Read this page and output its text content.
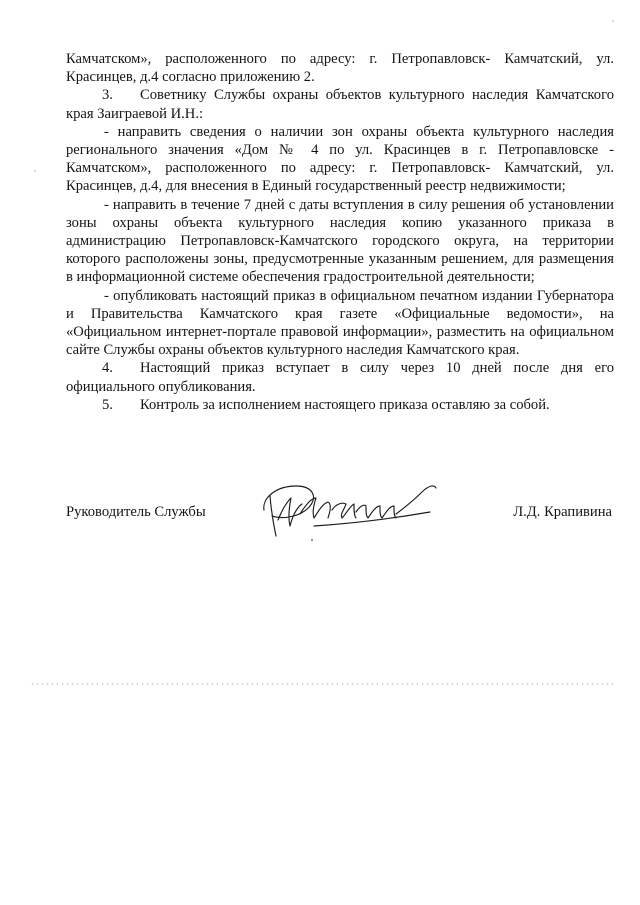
Камчатском», расположенного по адресу: г. Петропавловск- Камчатский, ул. Красинцев, д.4 согласно приложению 2.

3. Советнику Службы охраны объектов культурного наследия Камчатского края Заиграевой И.Н.:

- направить сведения о наличии зон охраны объекта культурного наследия регионального значения «Дом № 4 по ул. Красинцев в г. Петропавловске - Камчатском», расположенного по адресу: г. Петропавловск- Камчатский, ул. Красинцев, д.4, для внесения в Единый государственный реестр недвижимости;

- направить в течение 7 дней с даты вступления в силу решения об установлении зоны охраны объекта культурного наследия копию указанного приказа в администрацию Петропавловск-Камчатского городского округа, на территории которого расположены зоны, предусмотренные указанным решением, для размещения в информационной системе обеспечения градостроительной деятельности;

- опубликовать настоящий приказ в официальном печатном издании Губернатора и Правительства Камчатского края газете «Официальные ведомости», на «Официальном интернет-портале правовой информации», разместить на официальном сайте Службы охраны объектов культурного наследия Камчатского края.

4. Настоящий приказ вступает в силу через 10 дней после дня его официального опубликования.

5. Контроль за исполнением настоящего приказа оставляю за собой.

Руководитель Службы	Л.Д. Крапивина
